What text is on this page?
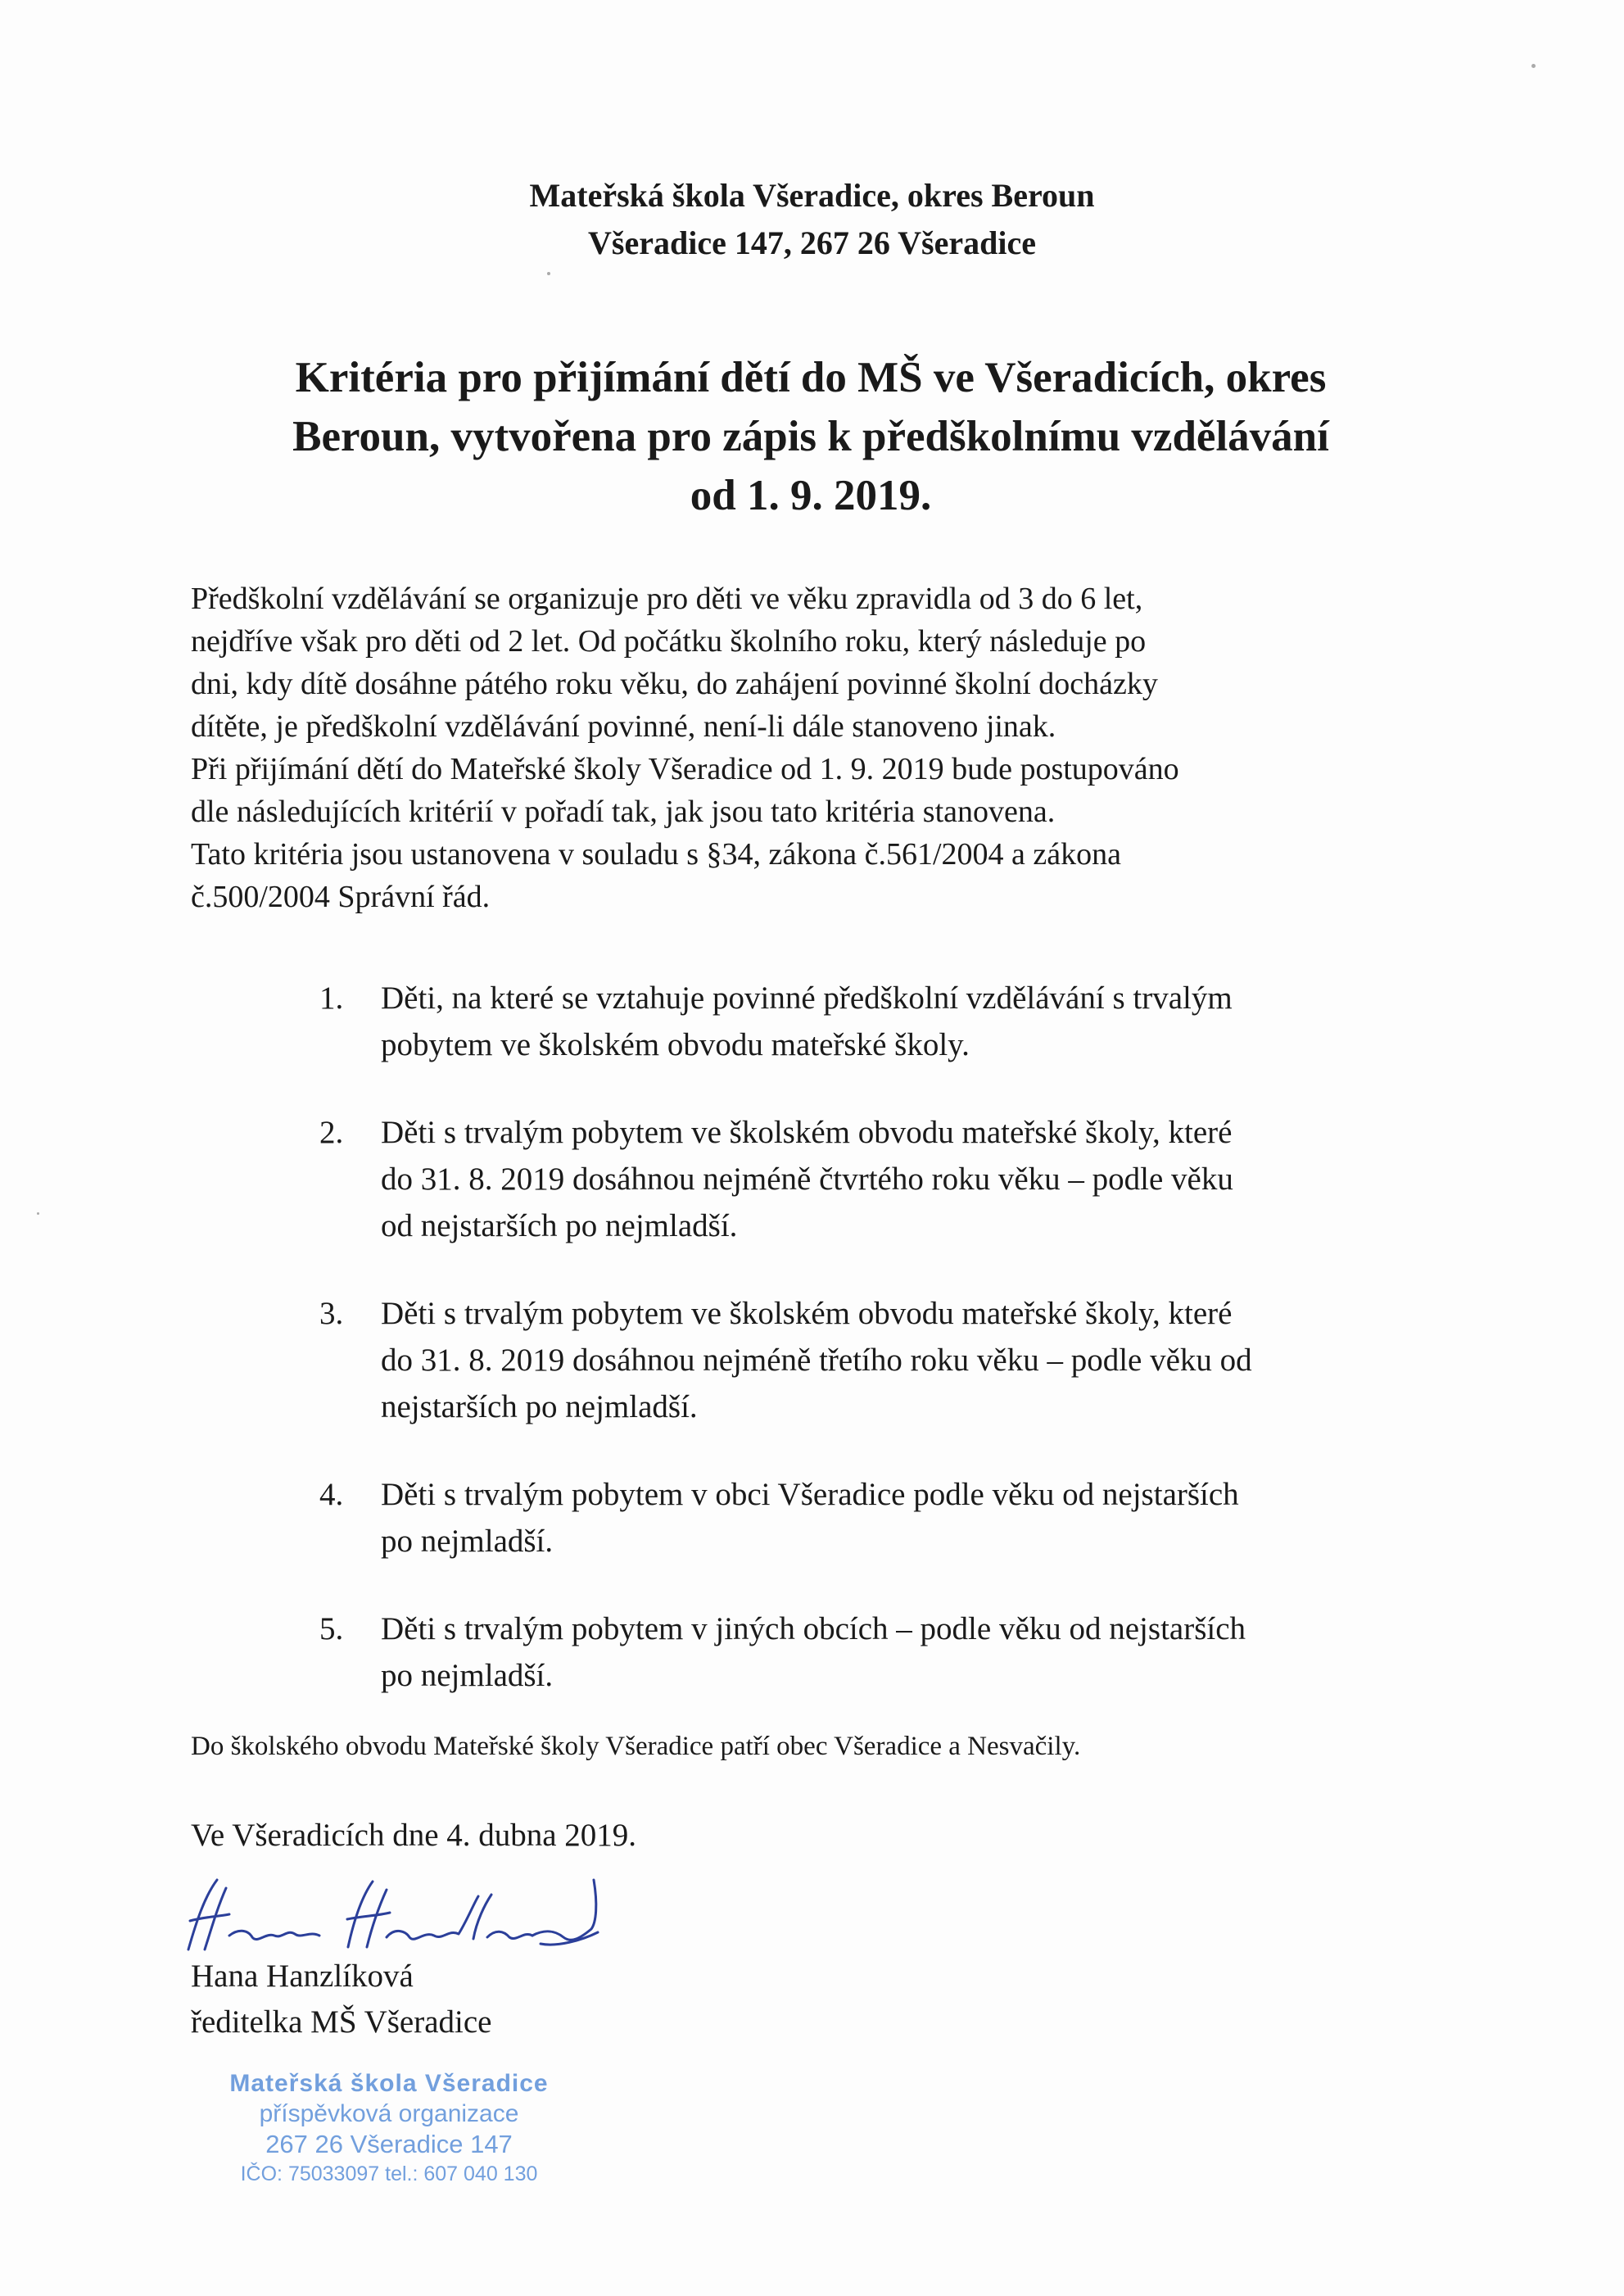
Mateřská škola Všeradice, okres Beroun
Všeradice 147, 267 26 Všeradice
Kritéria pro přijímání dětí do MŠ ve Všeradicích, okres
Beroun, vytvořena pro zápis k předškolnímu vzdělávání
od 1. 9. 2019.

Předškolní vzdělávání se organizuje pro děti ve věku zpravidla od 3 do 6 let,

nejdříve však pro děti od 2 let. Od počátku školního roku, který následuje po

dni, kdy dítě dosáhne pátého roku věku, do zahájení povinné školní docházky

dítěte, je předškolní vzdělávání povinné, není-li dále stanoveno jinak.

Při přijímání dětí do Mateřské školy Všeradice od 1. 9. 2019 bude postupováno

dle následujících kritérií v pořadí tak, jak jsou tato kritéria stanovena.

Tato kritéria jsou ustanovena v souladu s §34, zákona č.561/2004 a zákona

č.500/2004 Správní řád.

1. Děti, na které se vztahuje povinné předškolní vzdělávání s trvalým
pobytem ve školském obvodu mateřské školy.
2. Děti s trvalým pobytem ve školském obvodu mateřské školy, které
do 31. 8. 2019 dosáhnou nejméně čtvrtého roku věku – podle věku
od nejstarších po nejmladší.
3. Děti s trvalým pobytem ve školském obvodu mateřské školy, které
do 31. 8. 2019 dosáhnou nejméně třetího roku věku – podle věku od
nejstarších po nejmladší.
4. Děti s trvalým pobytem v obci Všeradice podle věku od nejstarších
po nejmladší.
5. Děti s trvalým pobytem v jiných obcích – podle věku od nejstarších
po nejmladší.
Do školského obvodu Mateřské školy Všeradice patří obec Všeradice a Nesvačily.
Ve Všeradicích dne 4. dubna 2019.
Hana Hanzlíková
ředitelka MŠ Všeradice
Mateřská škola Všeradice
příspěvková organizace
267 26 Všeradice 147
IČO: 75033097 tel.: 607 040 130
